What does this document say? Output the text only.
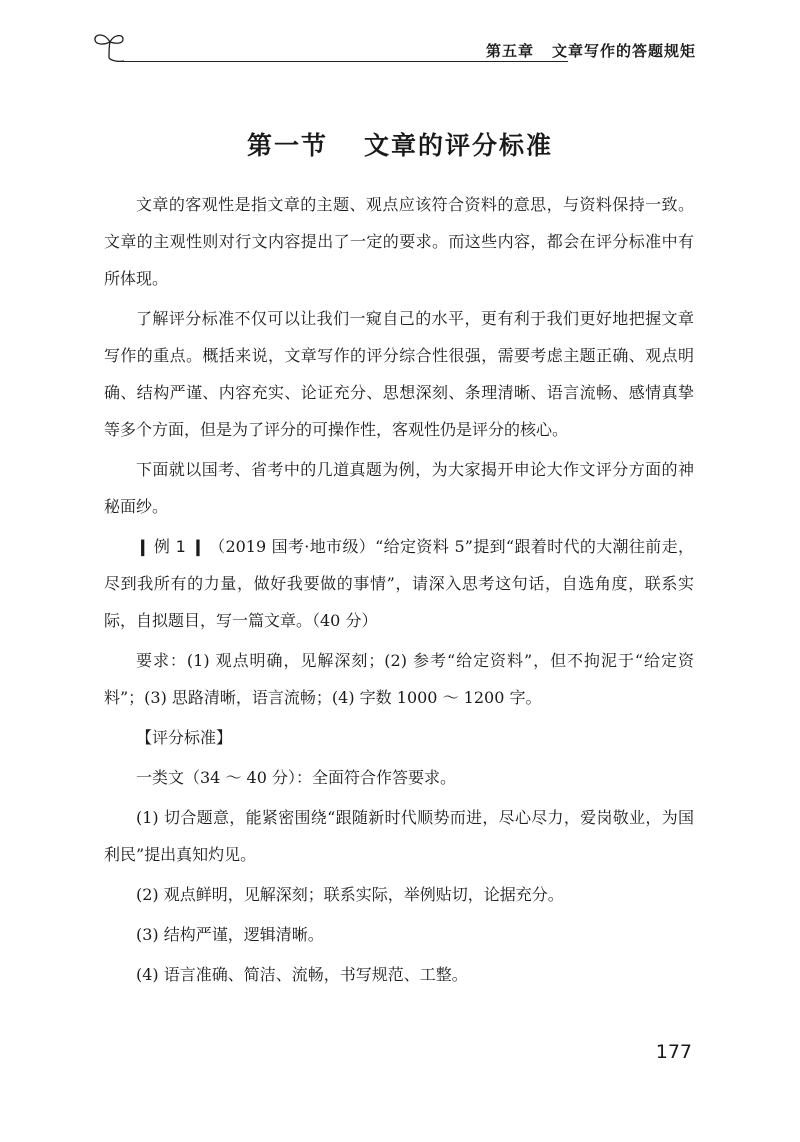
第五章 文章写作的答题规矩
第一节 文章的评分标准

文章的客观性是指文章的主题、观点应该符合资料的意思，与资料保持一致。文章的主观性则对行文内容提出了一定的要求。而这些内容，都会在评分标准中有所体现。

了解评分标准不仅可以让我们一窥自己的水平，更有利于我们更好地把握文章写作的重点。概括来说，文章写作的评分综合性很强，需要考虑主题正确、观点明确、结构严谨、内容充实、论证充分、思想深刻、条理清晰、语言流畅、感情真挚等多个方面，但是为了评分的可操作性，客观性仍是评分的核心。

下面就以国考、省考中的几道真题为例，为大家揭开申论大作文评分方面的神秘面纱。

❙ 例 1 ❙ （2019 国考·地市级）“给定资料 5”提到“跟着时代的大潮往前走，尽到我所有的力量，做好我要做的事情”，请深入思考这句话，自选角度，联系实际，自拟题目，写一篇文章。（40 分）

要求：(1) 观点明确，见解深刻；(2) 参考“给定资料”，但不拘泥于“给定资料”；(3) 思路清晰，语言流畅；(4) 字数 1000 ～ 1200 字。

【评分标准】

一类文（34 ～ 40 分）：全面符合作答要求。

(1) 切合题意，能紧密围绕“跟随新时代顺势而进，尽心尽力，爱岗敬业，为国利民”提出真知灼见。

(2) 观点鲜明，见解深刻；联系实际，举例贴切，论据充分。

(3) 结构严谨，逻辑清晰。

(4) 语言准确、简洁、流畅，书写规范、工整。

177
